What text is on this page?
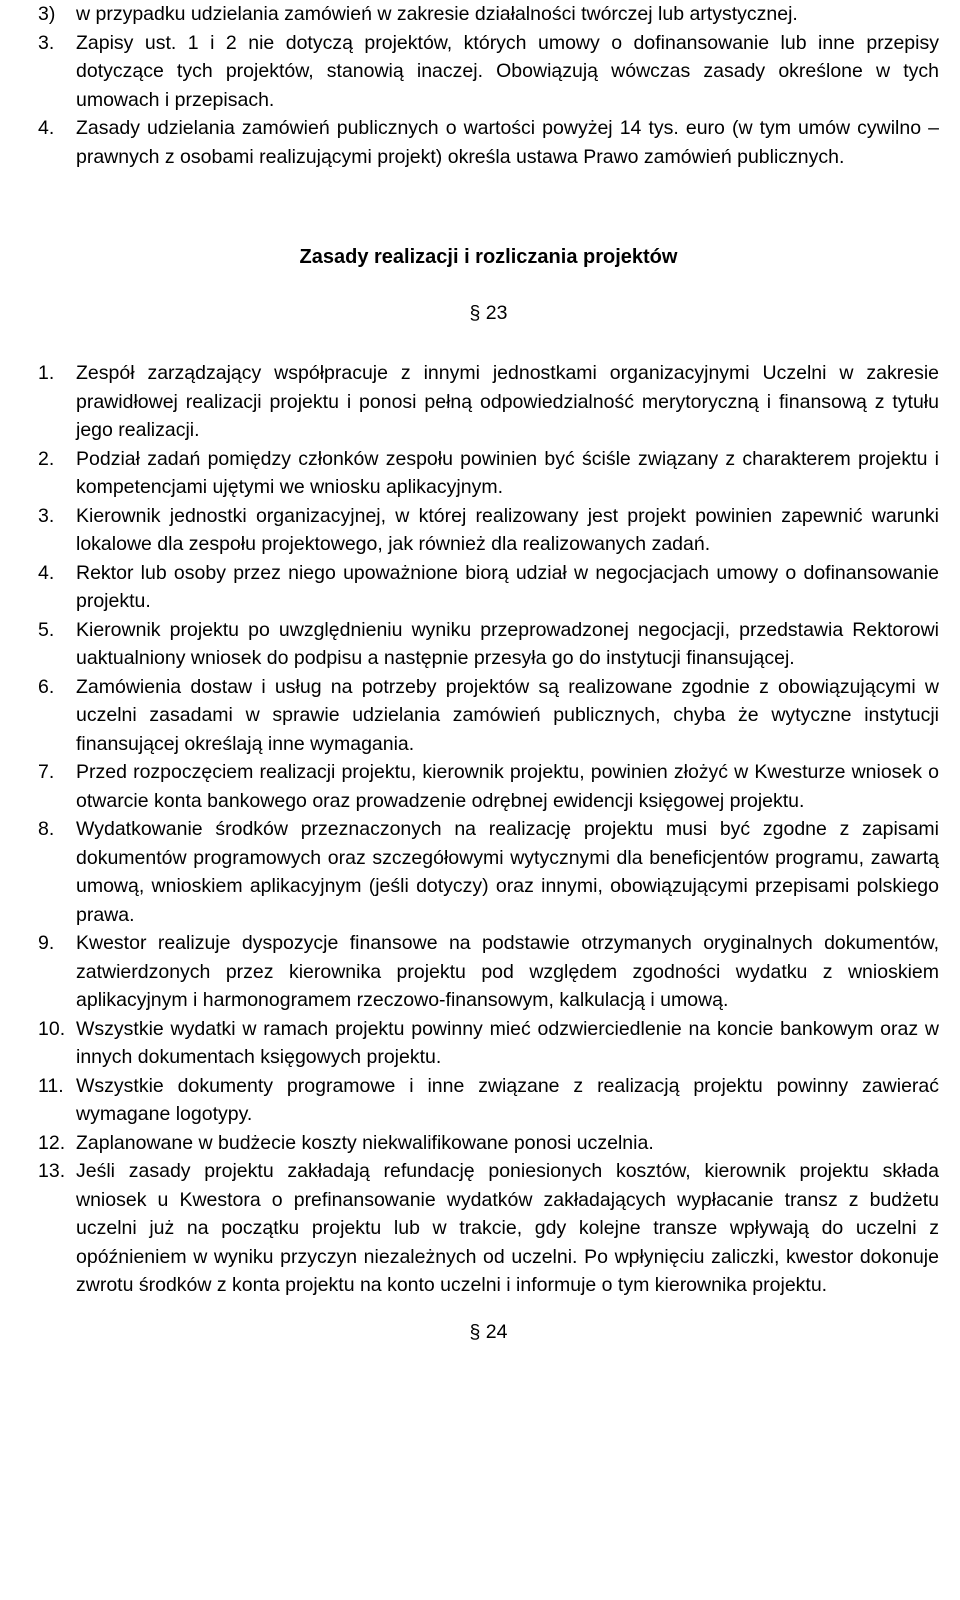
3)	w przypadku udzielania zamówień w zakresie działalności twórczej lub artystycznej.
3.	Zapisy ust. 1 i 2 nie dotyczą projektów, których umowy o dofinansowanie lub inne przepisy dotyczące tych projektów, stanowią inaczej. Obowiązują wówczas zasady określone w tych umowach i przepisach.
4.	Zasady udzielania zamówień publicznych o wartości powyżej 14 tys. euro (w tym umów cywilno – prawnych z osobami realizującymi projekt) określa ustawa Prawo zamówień publicznych.
Zasady realizacji i rozliczania projektów
§ 23
1.	Zespół zarządzający współpracuje z innymi jednostkami organizacyjnymi Uczelni w zakresie prawidłowej realizacji projektu i ponosi pełną odpowiedzialność merytoryczną i finansową z tytułu jego realizacji.
2.	Podział zadań pomiędzy członków zespołu powinien być ściśle związany z charakterem projektu i kompetencjami ujętymi we wniosku aplikacyjnym.
3.	Kierownik jednostki organizacyjnej, w której realizowany jest projekt powinien zapewnić warunki lokalowe dla zespołu projektowego, jak również dla realizowanych zadań.
4.	Rektor lub osoby przez niego upoważnione biorą udział w negocjacjach umowy o dofinansowanie projektu.
5.	Kierownik projektu po uwzględnieniu wyniku przeprowadzonej negocjacji, przedstawia Rektorowi uaktualniony wniosek do podpisu a następnie przesyła go do instytucji finansującej.
6.	Zamówienia dostaw i usług na potrzeby projektów są realizowane zgodnie z obowiązującymi w uczelni zasadami w sprawie udzielania zamówień publicznych, chyba że wytyczne instytucji finansującej określają inne wymagania.
7.	Przed rozpoczęciem realizacji projektu, kierownik projektu, powinien złożyć w Kwesturze wniosek o otwarcie konta bankowego oraz prowadzenie odrębnej ewidencji księgowej projektu.
8.	Wydatkowanie środków przeznaczonych na realizację projektu musi być zgodne z zapisami dokumentów programowych oraz szczegółowymi wytycznymi dla beneficjentów programu, zawartą umową, wnioskiem aplikacyjnym (jeśli dotyczy) oraz innymi, obowiązującymi przepisami polskiego prawa.
9.	Kwestor realizuje dyspozycje finansowe na podstawie otrzymanych oryginalnych dokumentów, zatwierdzonych przez kierownika projektu pod względem zgodności wydatku z wnioskiem aplikacyjnym i harmonogramem rzeczowo-finansowym, kalkulacją i umową.
10. Wszystkie wydatki w ramach projektu powinny mieć odzwierciedlenie na koncie bankowym oraz w innych dokumentach księgowych projektu.
11. Wszystkie dokumenty programowe i inne związane z realizacją projektu powinny zawierać wymagane logotypy.
12. Zaplanowane w budżecie koszty niekwalifikowane ponosi uczelnia.
13. Jeśli zasady projektu zakładają refundację poniesionych kosztów, kierownik projektu składa wniosek u Kwestora o prefinansowanie wydatków zakładających wypłacanie transz z budżetu uczelni już na początku projektu lub w trakcie, gdy kolejne transze wpływają do uczelni z opóźnieniem w wyniku przyczyn niezależnych od uczelni. Po wpłynięciu zaliczki, kwestor dokonuje zwrotu środków z konta projektu na konto uczelni i informuje o tym kierownika projektu.
§ 24
